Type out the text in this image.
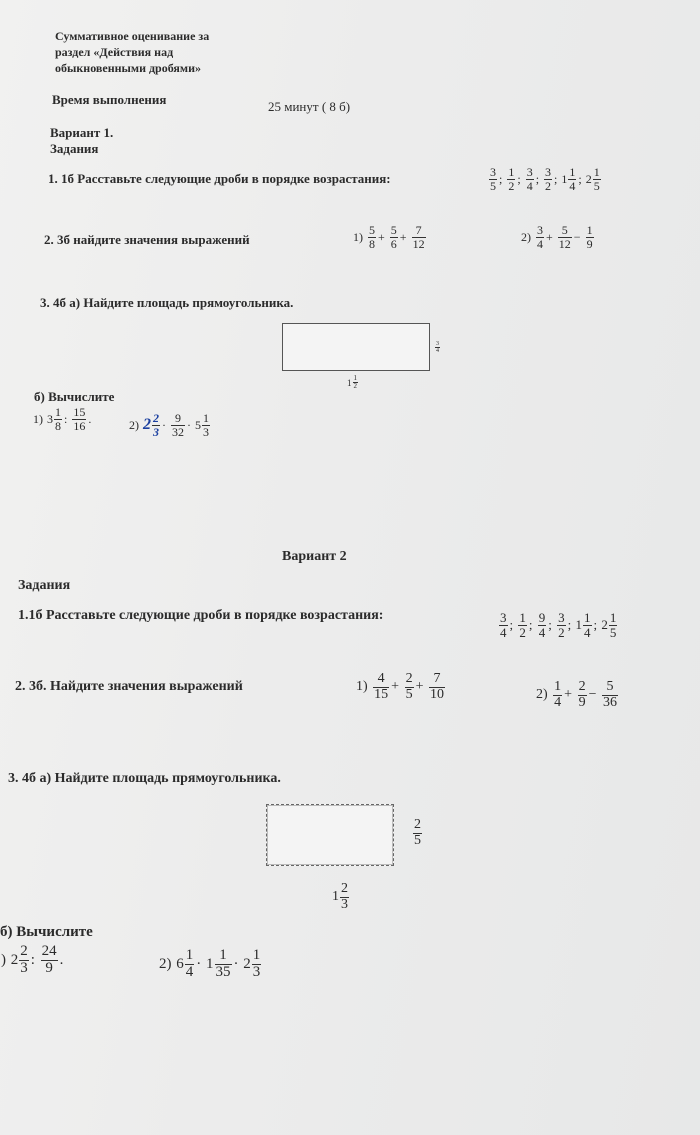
Суммативное оценивание за
раздел «Действия над
обыкновенными дробями»
Время выполнения	25 минут ( 8 б)
Вариант 1.
Задания
1. 1б Расставьте следующие дроби в порядке возрастания:	$\frac{3}{5}$ ; $\frac{1}{2}$ ; $\frac{3}{4}$ ; $\frac{3}{2}$ ; $1 \frac{1}{4}$ ; $2 \frac{1}{5}$
2. 3б найдите значения выражений	$1) \frac{5}{8} + \frac{5}{6} + \frac{7}{12}$	$2) \frac{3}{4} + \frac{5}{12} - \frac{1}{9}$
3. 4б а) Найдите площадь прямоугольника.
$\frac{3}{4}$
$1 \frac{1}{2}$
б) Вычислите
1) $3 \frac{1}{8}$ : $\frac{15}{16}$ .	2) $2 \frac{2}{3} \cdot \frac{9}{32} \cdot 5 \frac{1}{3}$
Вариант 2
Задания
1.1б Расставьте следующие дроби в порядке возрастания:	$\frac{3}{4}$ ; $\frac{1}{2}$ ; $\frac{9}{4}$ ; $\frac{3}{2}$ ; $1 \frac{1}{4}$ ; $2 \frac{1}{5}$
2. 3б. Найдите значения выражений	$1) \frac{4}{15} + \frac{2}{5} + \frac{7}{10}$	$2) \frac{1}{4} + \frac{2}{9} - \frac{5}{36}$
3. 4б а) Найдите площадь прямоугольника.
$\frac{2}{5}$
$1 \frac{2}{3}$
б) Вычислите
) $2 \frac{2}{3}$ : $\frac{24}{9}$ .	2) $6 \frac{1}{4} \cdot 1 \frac{1}{35} \cdot 2 \frac{1}{3}$
